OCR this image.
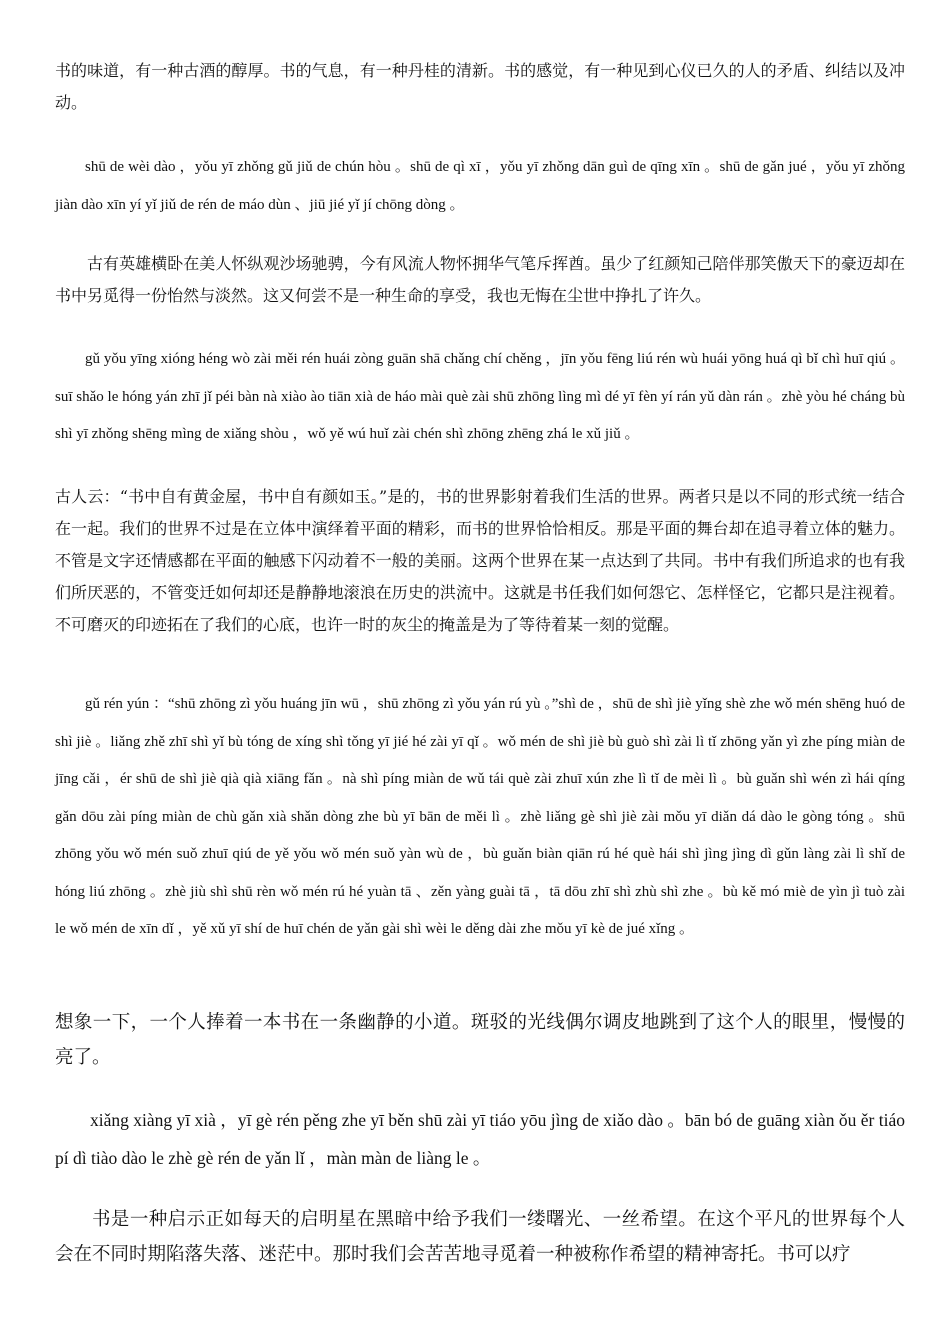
书的味道，有一种古酒的醇厚。书的气息，有一种丹桂的清新。书的感觉，有一种见到心仪已久的人的矛盾、纠结以及冲动。

shū de wèi dào ，yǒu yī zhǒng gǔ jiǔ de chún hòu 。shū de qì xī ，yǒu yī zhǒng dān guì de qīng xīn 。shū de gǎn jué ，yǒu yī zhǒng jiàn dào xīn yí yǐ jiǔ de rén de máo dùn 、jiū jié yǐ jí chōng dòng 。

古有英雄横卧在美人怀纵观沙场驰骋，今有风流人物怀拥华气笔斥挥酋。虽少了红颜知己陪伴那笑傲天下的豪迈却在书中另觅得一份怡然与淡然。这又何尝不是一种生命的享受，我也无悔在尘世中挣扎了许久。

gǔ yǒu yīng xióng héng wò zài měi rén huái zòng guān shā chǎng chí chěng ，jīn yǒu fēng liú rén wù huái yōng huá qì bǐ chì huī qiú 。suī shǎo le hóng yán zhī jǐ péi bàn nà xiào ào tiān xià de háo mài què zài shū zhōng lìng mì dé yī fèn yí rán yǔ dàn rán 。zhè yòu hé cháng bù shì yī zhǒng shēng mìng de xiǎng shòu ，wǒ yě wú huǐ zài chén shì zhōng zhēng zhá le xǔ jiǔ 。

古人云：“书中自有黄金屋，书中自有颜如玉。”是的，书的世界影射着我们生活的世界。两者只是以不同的形式统一结合在一起。我们的世界不过是在立体中演绎着平面的精彩，而书的世界恰恰相反。那是平面的舞台却在追寻着立体的魅力。不管是文字还情感都在平面的触感下闪动着不一般的美丽。这两个世界在某一点达到了共同。书中有我们所追求的也有我们所厌恶的，不管变迁如何却还是静静地滚浪在历史的洪流中。这就是书任我们如何怨它、怎样怪它，它都只是注视着。不可磨灭的印迹拓在了我们的心底，也许一时的灰尘的掩盖是为了等待着某一刻的觉醒。

gǔ rén yún ：“shū zhōng zì yǒu huáng jīn wū ，shū zhōng zì yǒu yán rú yù 。”shì de ，shū de shì jiè yǐng shè zhe wǒ mén shēng huó de shì jiè 。liǎng zhě zhī shì yǐ bù tóng de xíng shì tǒng yī jié hé zài yī qǐ 。wǒ mén de shì jiè bù guò shì zài lì tǐ zhōng yǎn yì zhe píng miàn de jīng cǎi ，ér shū de shì jiè qià qià xiāng fǎn 。nà shì píng miàn de wǔ tái què zài zhuī xún zhe lì tǐ de mèi lì 。bù guǎn shì wén zì hái qíng gǎn dōu zài píng miàn de chù gǎn xià shǎn dòng zhe bù yī bān de měi lì 。zhè liǎng gè shì jiè zài mǒu yī diǎn dá dào le gòng tóng 。shū zhōng yǒu wǒ mén suǒ zhuī qiú de yě yǒu wǒ mén suǒ yàn wù de ，bù guǎn biàn qiān rú hé què hái shì jìng jìng dì gǔn làng zài lì shǐ de hóng liú zhōng 。zhè jiù shì shū rèn wǒ mén rú hé yuàn tā 、zěn yàng guài tā ，tā dōu zhī shì zhù shì zhe 。bù kě mó miè de yìn jì tuò zài le wǒ mén de xīn dǐ ，yě xǔ yī shí de huī chén de yǎn gài shì wèi le děng dài zhe mǒu yī kè de jué xǐng 。

想象一下，一个人捧着一本书在一条幽静的小道。斑驳的光线偶尔调皮地跳到了这个人的眼里，慢慢的亮了。

xiǎng xiàng yī xià ，yī gè rén pěng zhe yī běn shū zài yī tiáo yōu jìng de xiǎo dào 。bān bó de guāng xiàn ǒu ěr tiáo pí dì tiào dào le zhè gè rén de yǎn lǐ ，màn màn de liàng le 。

书是一种启示正如每天的启明星在黑暗中给予我们一缕曙光、一丝希望。在这个平凡的世界每个人会在不同时期陷落失落、迷茫中。那时我们会苦苦地寻觅着一种被称作希望的精神寄托。书可以疗
